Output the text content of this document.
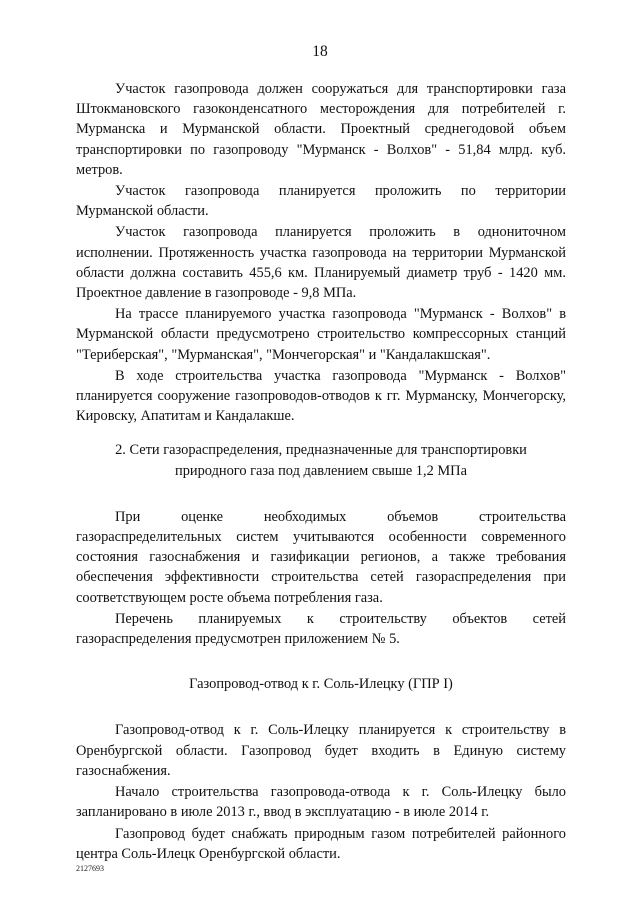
18

Участок газопровода должен сооружаться для транспортировки газа Штокмановского газоконденсатного месторождения для потребителей г. Мурманска и Мурманской области. Проектный среднегодовой объем транспортировки по газопроводу "Мурманск - Волхов" - 51,84 млрд. куб. метров.

Участок газопровода планируется проложить по территории Мурманской области.

Участок газопровода планируется проложить в однониточном исполнении. Протяженность участка газопровода на территории Мурманской области должна составить 455,6 км. Планируемый диаметр труб - 1420 мм. Проектное давление в газопроводе - 9,8 МПа.

На трассе планируемого участка газопровода "Мурманск - Волхов" в Мурманской области предусмотрено строительство компрессорных станций "Териберская", "Мурманская", "Мончегорская" и "Кандалакшская".

В ходе строительства участка газопровода "Мурманск - Волхов" планируется сооружение газопроводов-отводов к гг. Мурманску, Мончегорску, Кировску, Апатитам и Кандалакше.

2. Сети газораспределения, предназначенные для транспортировки
природного газа под давлением свыше 1,2 МПа

При оценке необходимых объемов строительства газораспределительных систем учитываются особенности современного состояния газоснабжения и газификации регионов, а также требования обеспечения эффективности строительства сетей газораспределения при соответствующем росте объема потребления газа.

Перечень планируемых к строительству объектов сетей газораспределения предусмотрен приложением № 5.

Газопровод-отвод к г. Соль-Илецку (ГПР I)

Газопровод-отвод к г. Соль-Илецку планируется к строительству в Оренбургской области. Газопровод будет входить в Единую систему газоснабжения.

Начало строительства газопровода-отвода к г. Соль-Илецку было запланировано в июле 2013 г., ввод в эксплуатацию - в июле 2014 г.

Газопровод будет снабжать природным газом потребителей районного центра Соль-Илецк Оренбургской области.

2127693
